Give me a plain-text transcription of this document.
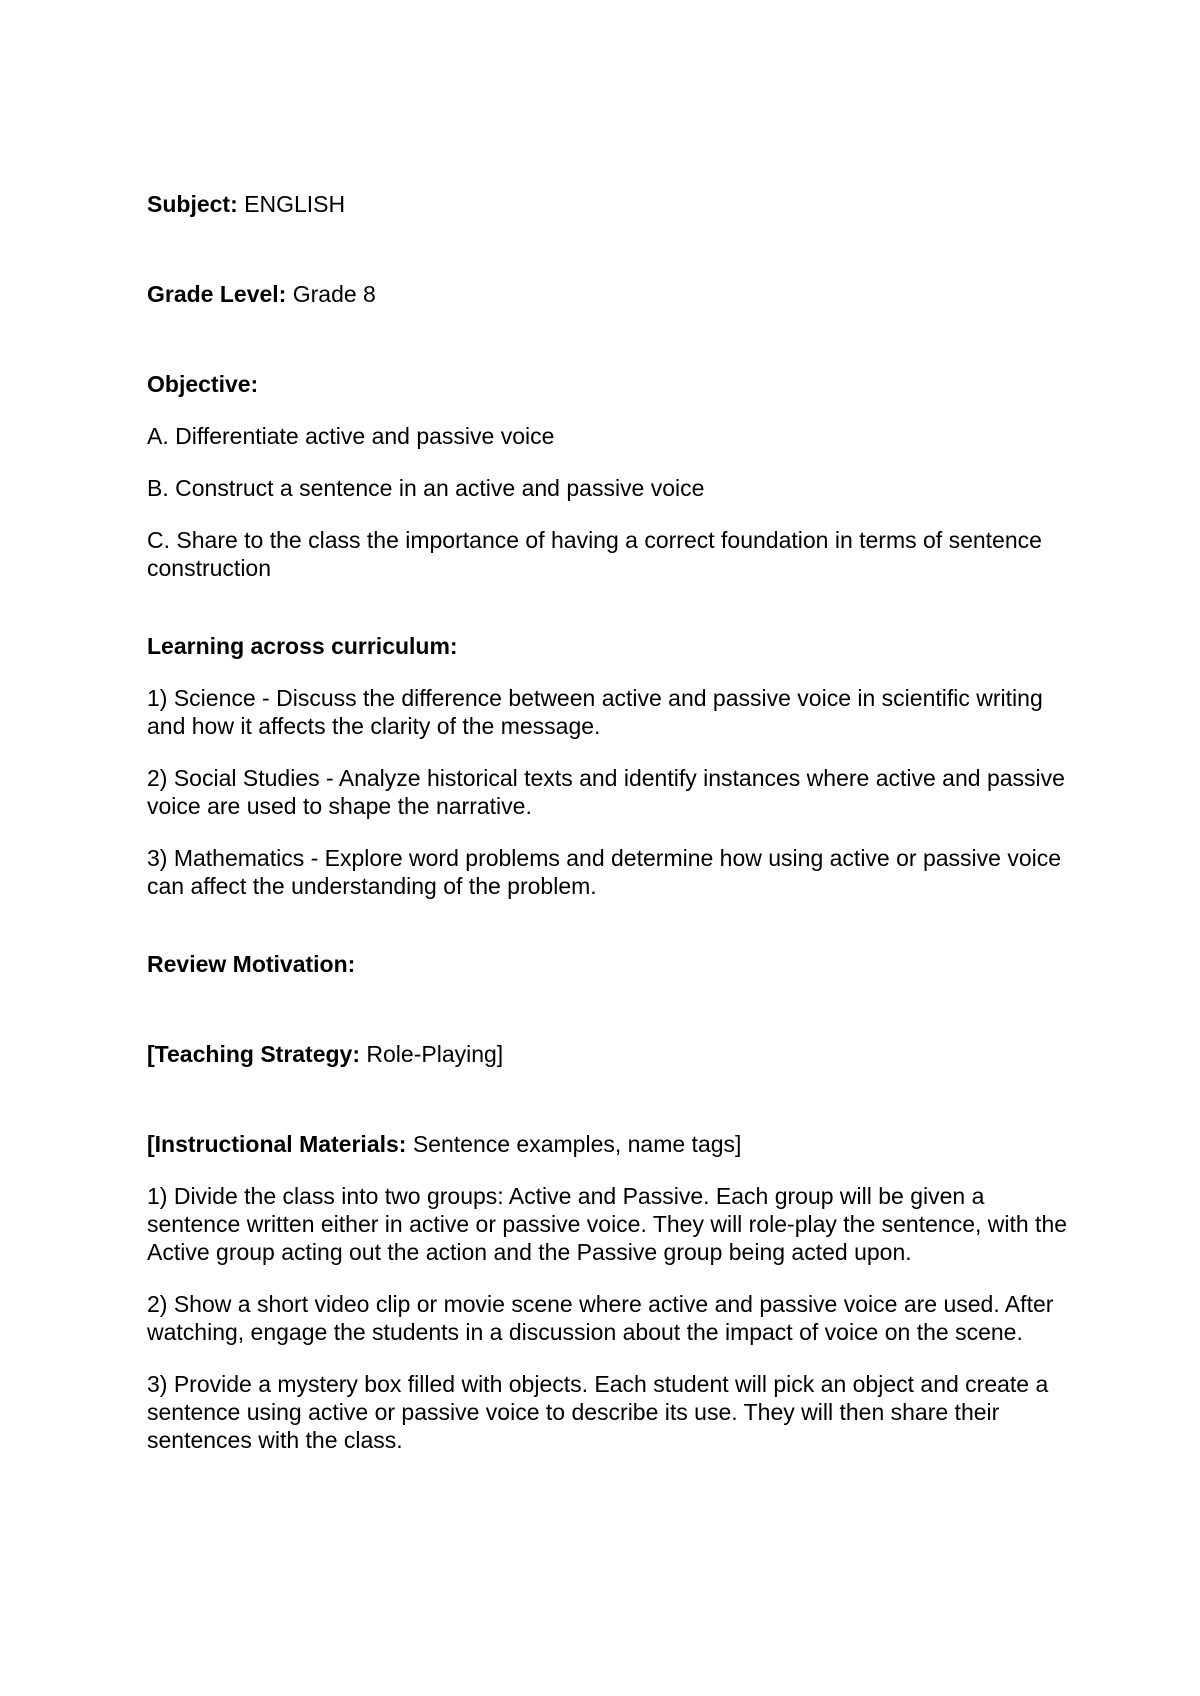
Subject: ENGLISH

Grade Level: Grade 8

Objective:

A. Differentiate active and passive voice

B. Construct a sentence in an active and passive voice

C. Share to the class the importance of having a correct foundation in terms of sentence construction

Learning across curriculum:

1) Science - Discuss the difference between active and passive voice in scientific writing and how it affects the clarity of the message.

2) Social Studies - Analyze historical texts and identify instances where active and passive voice are used to shape the narrative.

3) Mathematics - Explore word problems and determine how using active or passive voice can affect the understanding of the problem.

Review Motivation:

[Teaching Strategy: Role-Playing]

[Instructional Materials: Sentence examples, name tags]

1) Divide the class into two groups: Active and Passive. Each group will be given a sentence written either in active or passive voice. They will role-play the sentence, with the Active group acting out the action and the Passive group being acted upon.

2) Show a short video clip or movie scene where active and passive voice are used. After watching, engage the students in a discussion about the impact of voice on the scene.

3) Provide a mystery box filled with objects. Each student will pick an object and create a sentence using active or passive voice to describe its use. They will then share their sentences with the class.
